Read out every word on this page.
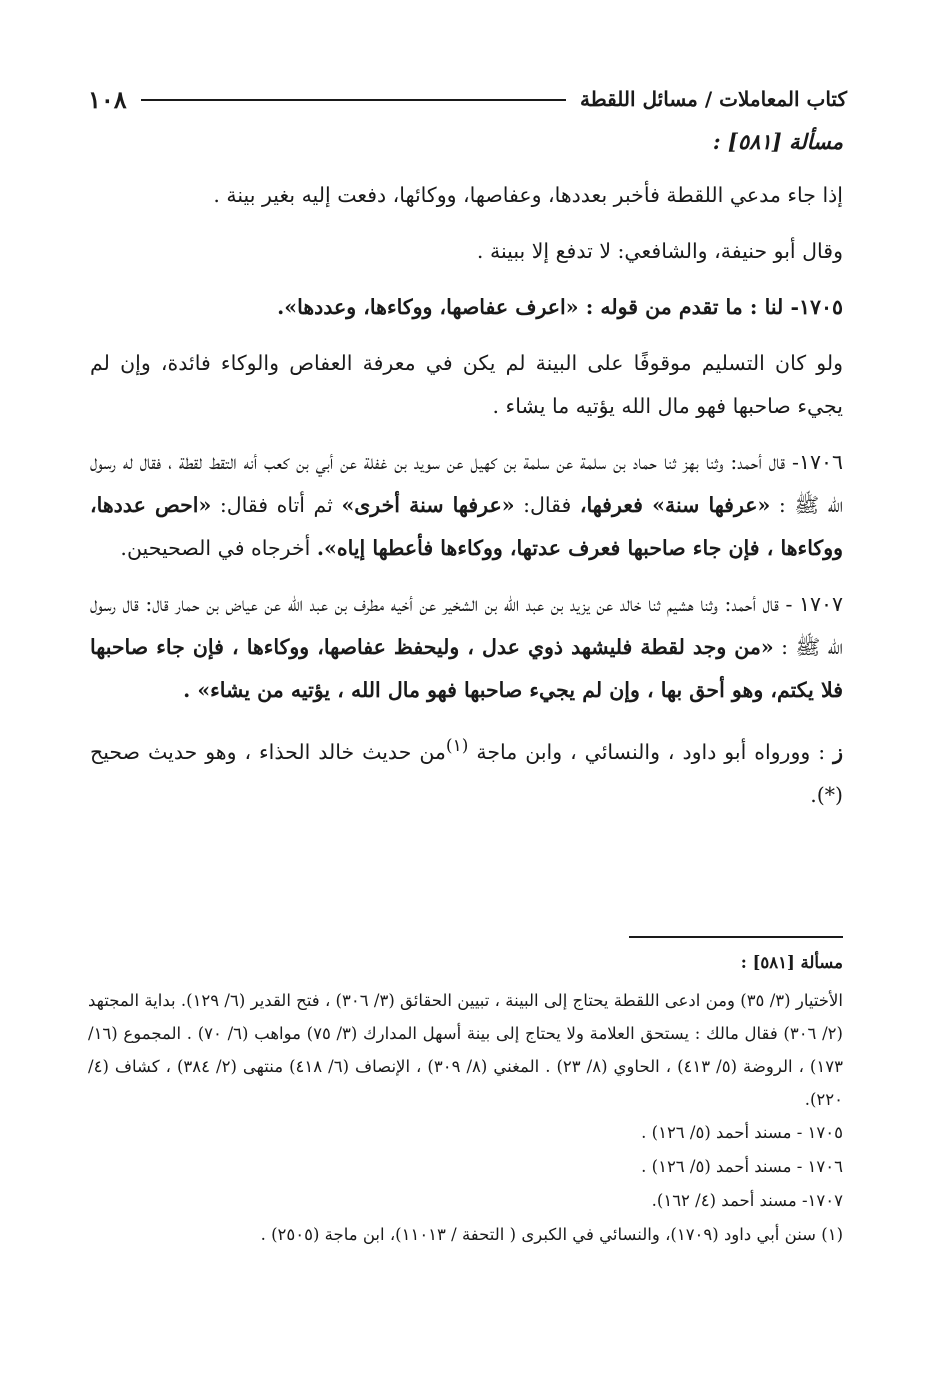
كتاب المعاملات / مسائل اللقطة
١٠٨

مسألة [٥٨١] :

إذا جاء مدعي اللقطة فأخبر بعددها، وعفاصها، ووكائها، دفعت إليه بغير بينة .

وقال أبو حنيفة، والشافعي: لا تدفع إلا ببينة .

١٧٠٥- لنا : ما تقدم من قوله : «اعرف عفاصها، ووكاءها، وعددها».

ولو كان التسليم موقوفًا على البينة لم يكن في معرفة العفاص والوكاء فائدة، وإن لم يجيء صاحبها فهو مال الله يؤتيه ما يشاء .

١٧٠٦- قال أحمد: وثنا بهز ثنا حماد بن سلمة عن سلمة بن كهيل عن سويد بن غفلة عن أبي بن كعب أنه التقط لقطة ، فقال له رسول الله ﷺ : «عرفها سنة» فعرفها، فقال: «عرفها سنة أخرى» ثم أتاه فقال: «احص عددها، ووكاءها ، فإن جاء صاحبها فعرف عدتها، ووكاءها فأعطها إياه». أخرجاه في الصحيحين.

١٧٠٧ - قال أحمد: وثنا هشيم ثنا خالد عن يزيد بن عبد الله بن الشخير عن أخيه مطرف بن عبد الله عن عياض بن حمار قال: قال رسول الله ﷺ : «من وجد لقطة فليشهد ذوي عدل ، وليحفظ عفاصها، ووكاءها ، فإن جاء صاحبها فلا يكتم، وهو أحق بها ، وإن لم يجيء صاحبها فهو مال الله ، يؤتيه من يشاء» .

ز : وورواه أبو داود ، والنسائي ، وابن ماجة $^{(١)}$من حديث خالد الحذاء ، وهو حديث صحيح (*).

مسألة [٥٨١] :

الأختيار (٣/ ٣٥) ومن ادعى اللقطة يحتاج إلى البينة ، تبيين الحقائق (٣/ ٣٠٦) ، فتح القدير (٦/ ١٢٩). بداية المجتهد (٢/ ٣٠٦) فقال مالك : يستحق العلامة ولا يحتاج إلى بينة أسهل المدارك (٣/ ٧٥) مواهب (٦/ ٧٠) . المجموع (١٦/ ١٧٣) ، الروضة (٥/ ٤١٣) ، الحاوي (٨/ ٢٣) . المغني (٨/ ٣٠٩) ، الإنصاف (٦/ ٤١٨) منتهى (٢/ ٣٨٤) ، كشاف (٤/ ٢٢٠).

١٧٠٥ - مسند أحمد (٥/ ١٢٦) .

١٧٠٦ - مسند أحمد (٥/ ١٢٦) .

١٧٠٧- مسند أحمد (٤/ ١٦٢).

(١) سنن أبي داود (١٧٠٩)، والنسائي في الكبرى ( التحفة / ١١٠١٣)، ابن ماجة (٢٥٠٥) .
